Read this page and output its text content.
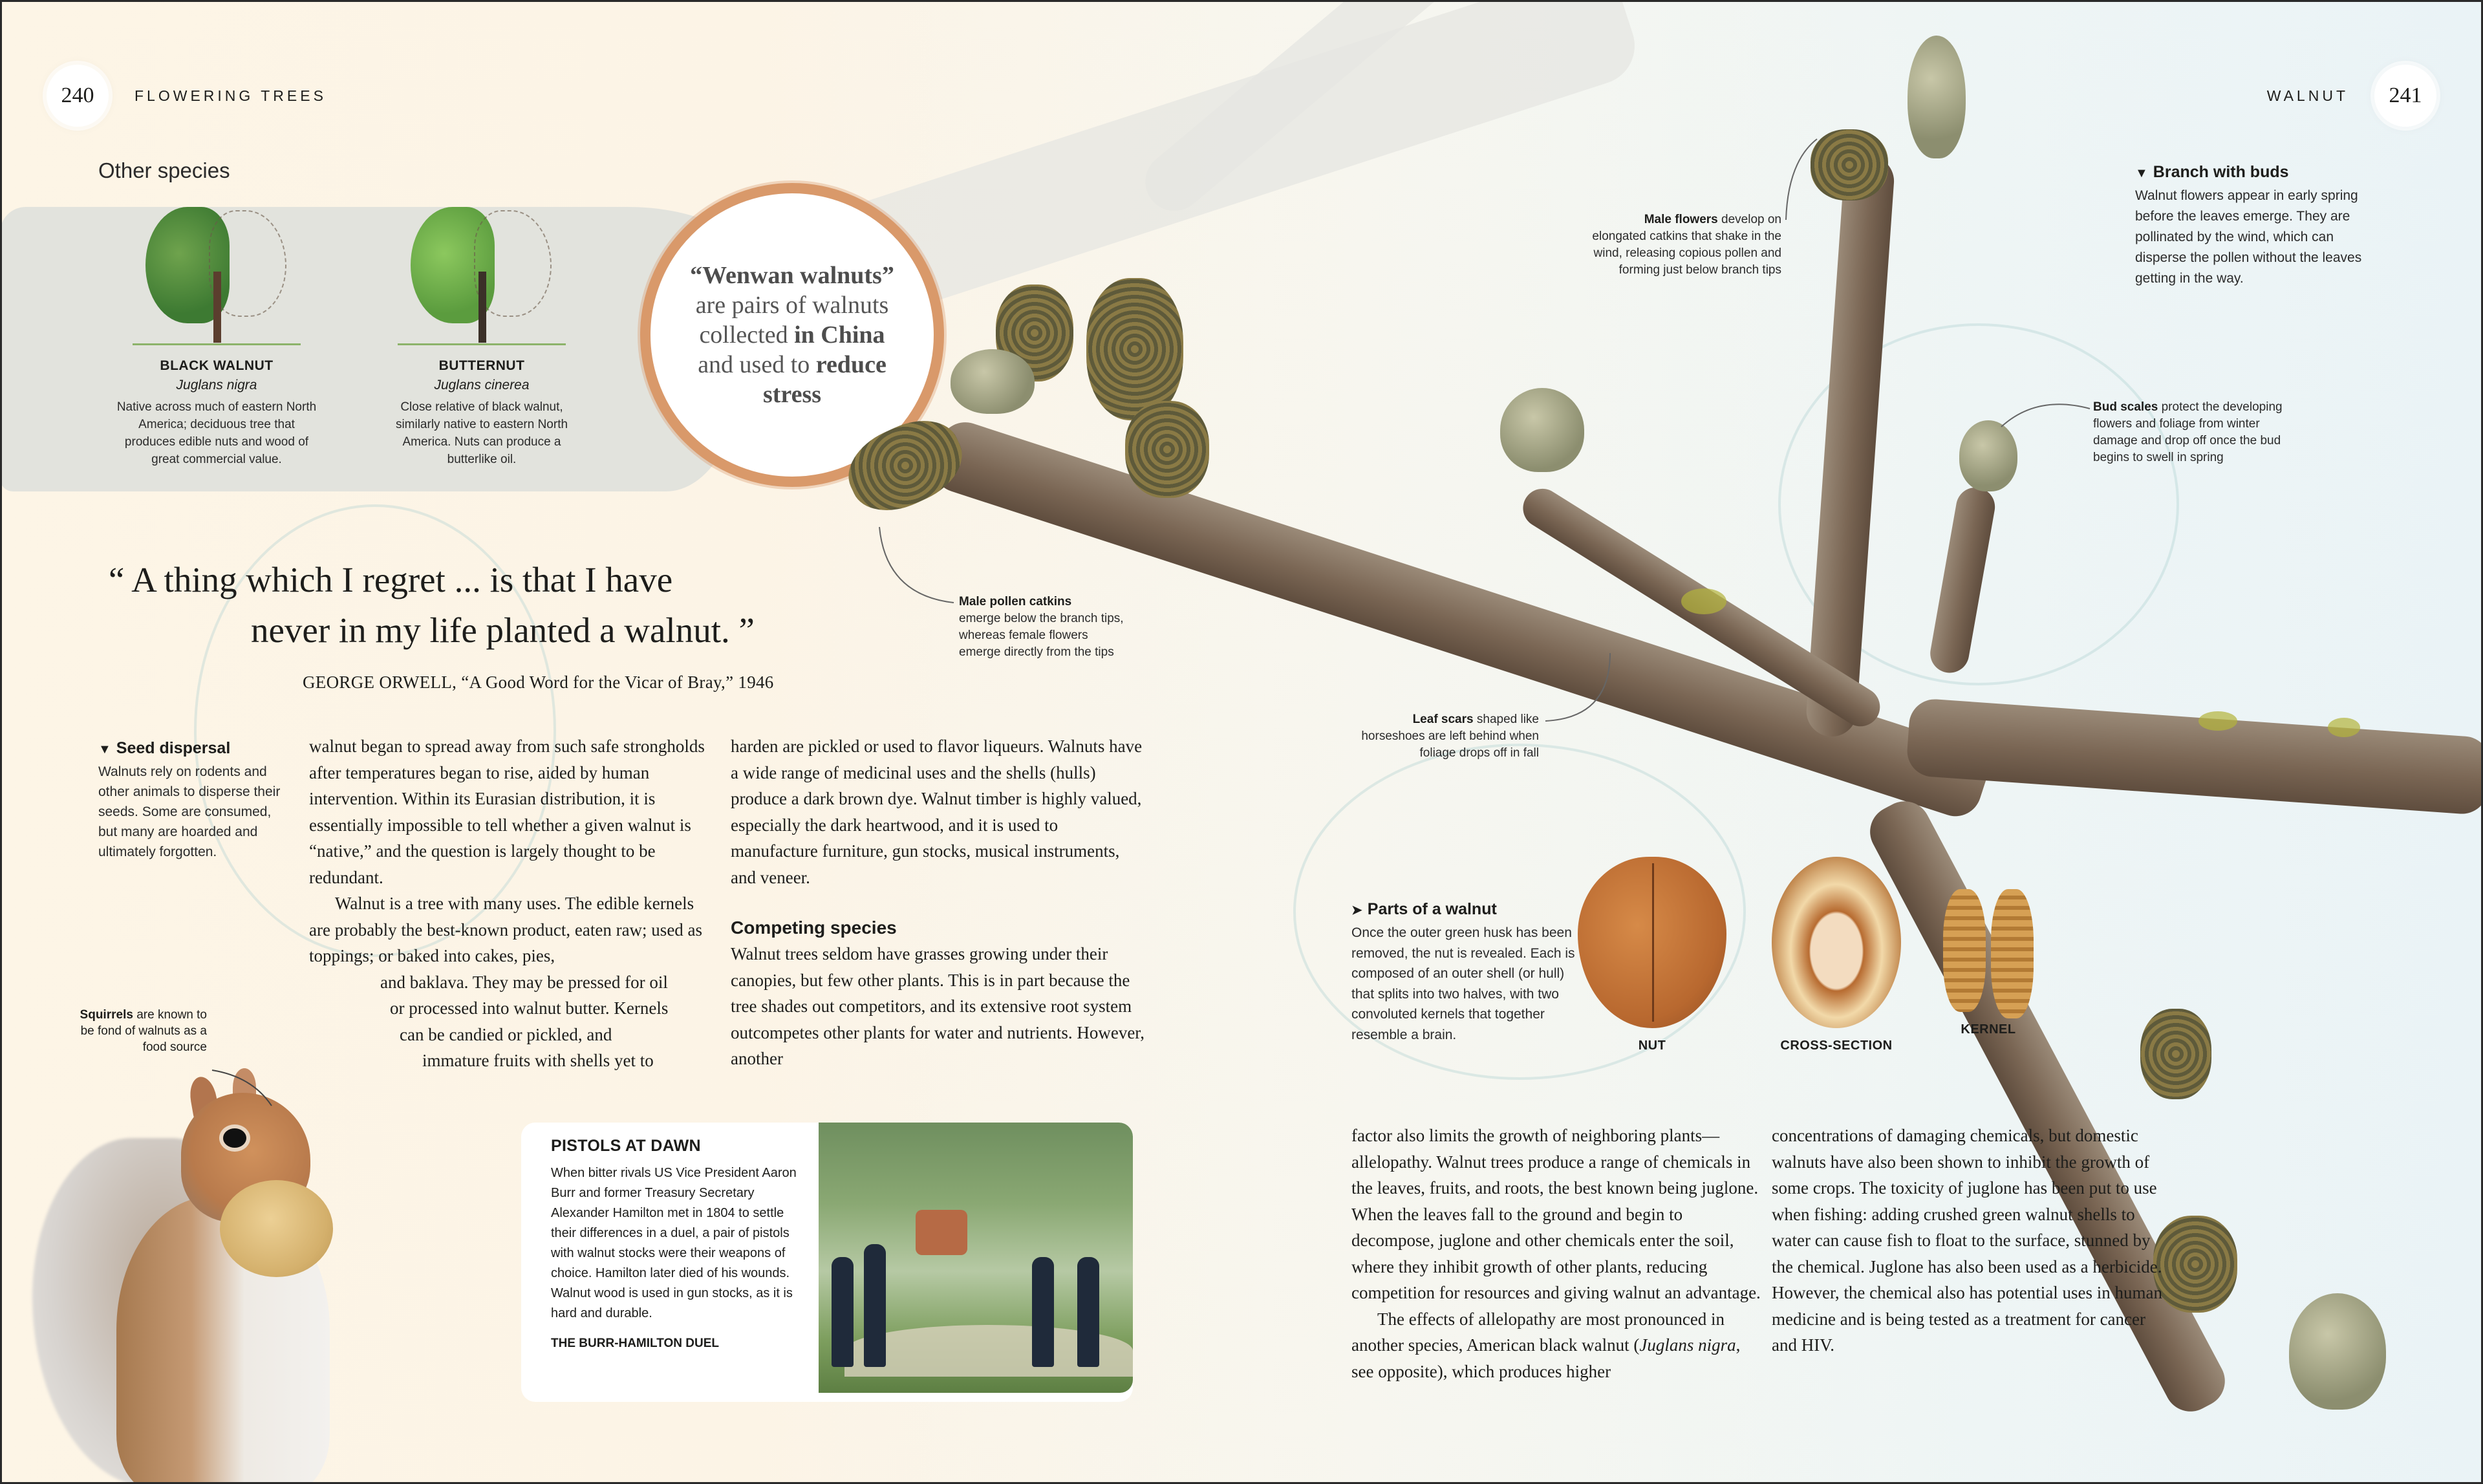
240	FLOWERING TREES	WALNUT	241
Other species
BLACK WALNUT
Juglans nigra
Native across much of eastern North America; deciduous tree that produces edible nuts and wood of great commercial value.
BUTTERNUT
Juglans cinerea
Close relative of black walnut, similarly native to eastern North America. Nuts can produce a butterlike oil.
“Wenwan walnuts” are pairs of walnuts collected in China and used to reduce stress
“ A thing which I regret ... is that I have
never in my life planted a walnut. ”
GEORGE ORWELL, “A Good Word for the Vicar of Bray,” 1946
▼ Seed dispersal
Walnuts rely on rodents and other animals to disperse their seeds. Some are consumed, but many are hoarded and ultimately forgotten.

walnut began to spread away from such safe strongholds after temperatures began to rise, aided by human intervention. Within its Eurasian distribution, it is essentially impossible to tell whether a given walnut is “native,” and the question is largely thought to be redundant.

Walnut is a tree with many uses. The edible kernels are probably the best-known product, eaten raw; used as toppings; or baked into cakes, pies,

and baklava. They may be pressed for oil

or processed into walnut butter. Kernels

can be candied or pickled, and

immature fruits with shells yet to

harden are pickled or used to flavor liqueurs. Walnuts have a wide range of medicinal uses and the shells (hulls) produce a dark brown dye. Walnut timber is highly valued, especially the dark heartwood, and it is used to manufacture furniture, gun stocks, musical instruments, and veneer.

Competing species

Walnut trees seldom have grasses growing under their canopies, but few other plants. This is in part because the tree shades out competitors, and its extensive root system outcompetes other plants for water and nutrients. However, another

Squirrels are known to be fond of walnuts as a food source
PISTOLS AT DAWN
When bitter rivals US Vice President Aaron Burr and former Treasury Secretary Alexander Hamilton met in 1804 to settle their differences in a duel, a pair of pistols with walnut stocks were their weapons of choice. Hamilton later died of his wounds. Walnut wood is used in gun stocks, as it is hard and durable.
THE BURR-HAMILTON DUEL
Male pollen catkins
emerge below the branch tips, whereas female flowers emerge directly from the tips
Male flowers develop on elongated catkins that shake in the wind, releasing copious pollen and forming just below branch tips
Bud scales protect the developing flowers and foliage from winter damage and drop off once the bud begins to swell in spring
Leaf scars shaped like horseshoes are left behind when foliage drops off in fall
▼ Branch with buds
Walnut flowers appear in early spring before the leaves emerge. They are pollinated by the wind, which can disperse the pollen without the leaves getting in the way.
➤ Parts of a walnut
Once the outer green husk has been removed, the nut is revealed. Each is composed of an outer shell (or hull) that splits into two halves, with two convoluted kernels that together resemble a brain.
NUT	CROSS-SECTION
KERNEL

factor also limits the growth of neighboring plants—allelopathy. Walnut trees produce a range of chemicals in the leaves, fruits, and roots, the best known being juglone. When the leaves fall to the ground and begin to decompose, juglone and other chemicals enter the soil, where they inhibit growth of other plants, reducing competition for resources and giving walnut an advantage.

The effects of allelopathy are most pronounced in another species, American black walnut (Juglans nigra, see opposite), which produces higher

concentrations of damaging chemicals, but domestic walnuts have also been shown to inhibit the growth of some crops. The toxicity of juglone has been put to use when fishing: adding crushed green walnut shells to water can cause fish to float to the surface, stunned by the chemical. Juglone has also been used as a herbicide. However, the chemical also has potential uses in human medicine and is being tested as a treatment for cancer and HIV.
